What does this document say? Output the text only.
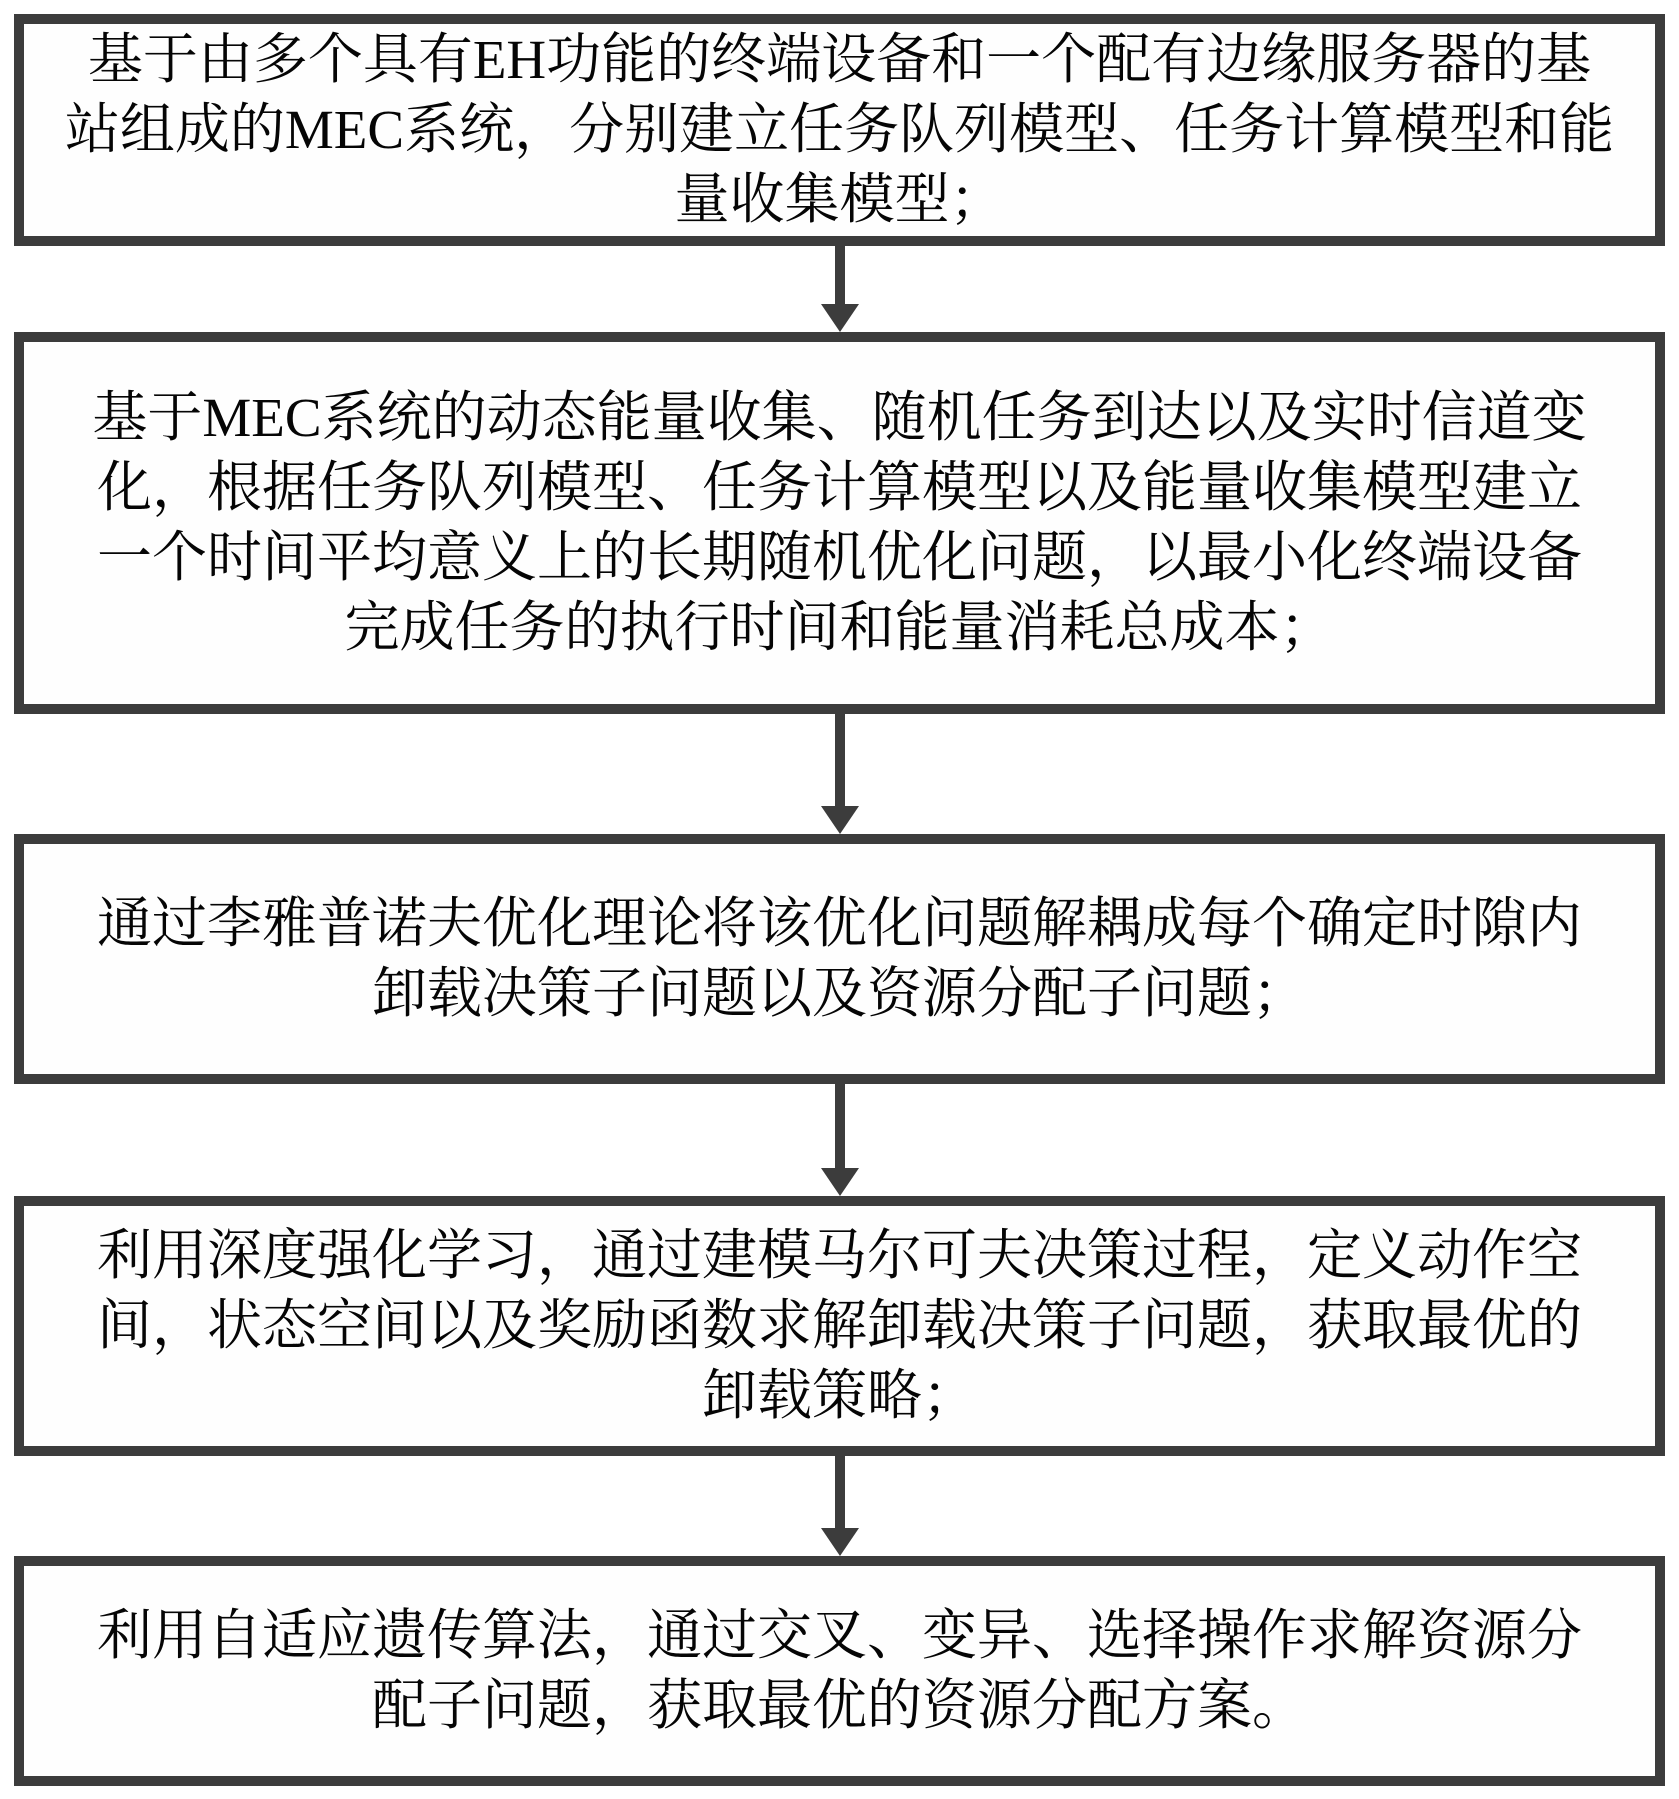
基于由多个具有EH功能的终端设备和一个配有边缘服务器的基

站组成的MEC系统，分别建立任务队列模型、任务计算模型和能

量收集模型；

基于MEC系统的动态能量收集、随机任务到达以及实时信道变

化，根据任务队列模型、任务计算模型以及能量收集模型建立

一个时间平均意义上的长期随机优化问题，以最小化终端设备

完成任务的执行时间和能量消耗总成本；

通过李雅普诺夫优化理论将该优化问题解耦成每个确定时隙内

卸载决策子问题以及资源分配子问题；

利用深度强化学习，通过建模马尔可夫决策过程，定义动作空

间，状态空间以及奖励函数求解卸载决策子问题，获取最优的

卸载策略；

利用自适应遗传算法，通过交叉、变异、选择操作求解资源分

配子问题，获取最优的资源分配方案。
